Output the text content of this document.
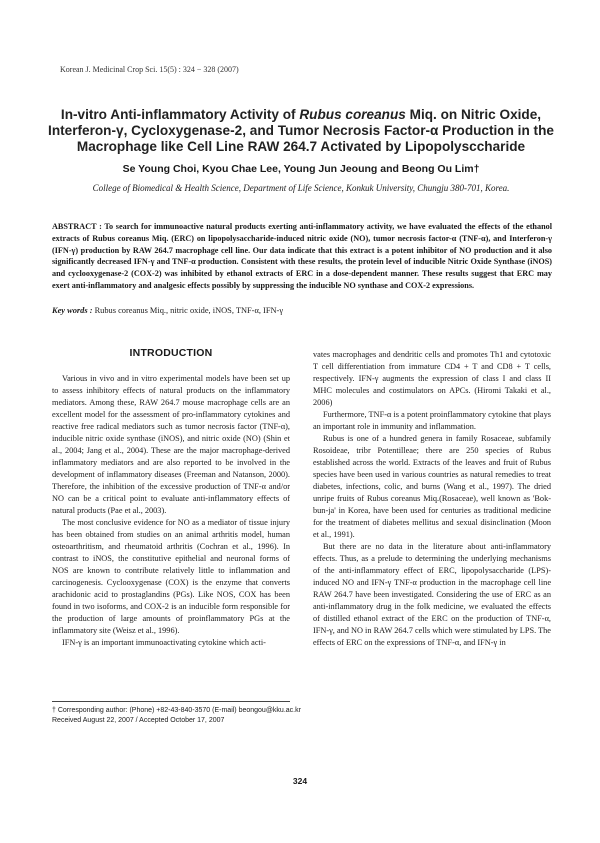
Korean J. Medicinal Crop Sci. 15(5) : 324 − 328 (2007)
In-vitro Anti-inflammatory Activity of Rubus coreanus Miq. on Nitric Oxide, Interferon-γ, Cycloxygenase-2, and Tumor Necrosis Factor-α Production in the Macrophage like Cell Line RAW 264.7 Activated by Lipopolysccharide
Se Young Choi, Kyou Chae Lee, Young Jun Jeoung and Beong Ou Lim†
College of Biomedical & Health Science, Department of Life Science, Konkuk University, Chungju 380-701, Korea.
ABSTRACT : To search for immunoactive natural products exerting anti-inflammatory activity, we have evaluated the effects of the ethanol extracts of Rubus coreanus Miq. (ERC) on lipopolysaccharide-induced nitric oxide (NO), tumor necrosis factor-α (TNF-α), and Interferon-γ (IFN-γ) production by RAW 264.7 macrophage cell line. Our data indicate that this extract is a potent inhibitor of NO production and it also significantly decreased IFN-γ and TNF-α production. Consistent with these results, the protein level of inducible Nitric Oxide Synthase (iNOS) and cyclooxygenase-2 (COX-2) was inhibited by ethanol extracts of ERC in a dose-dependent manner. These results suggest that ERC may exert anti-inflammatory and analgesic effects possibly by suppressing the inducible NO synthase and COX-2 expressions.
Key words : Rubus coreanus Miq., nitric oxide, iNOS, TNF-α, IFN-γ
INTRODUCTION

Various in vivo and in vitro experimental models have been set up to assess inhibitory effects of natural products on the inflammatory mediators. Among these, RAW 264.7 mouse macrophage cells are an excellent model for the assessment of pro-inflammatory cytokines and reactive free radical mediators such as tumor necrosis factor (TNF-α), inducible nitric oxide synthase (iNOS), and nitric oxide (NO) (Shin et al., 2004; Jang et al., 2004). These are the major macrophage-derived inflammatory mediators and are also reported to be involved in the development of inflammatory diseases (Freeman and Natanson, 2000). Therefore, the inhibition of the excessive production of TNF-α and/or NO can be a critical point to evaluate anti-inflammatory effects of natural products (Pae et al., 2003).

The most conclusive evidence for NO as a mediator of tissue injury has been obtained from studies on an animal arthritis model, human osteoarthritism, and rheumatoid arthritis (Cochran et al., 1996). In contrast to iNOS, the constitutive epithelial and neuronal forms of NOS are known to contribute relatively little to inflammation and carcinogenesis. Cyclooxygenase (COX) is the enzyme that converts arachidonic acid to prostaglandins (PGs). Like NOS, COX has been found in two isoforms, and COX-2 is an inducible form responsible for the production of large amounts of proinflammatory PGs at the inflammatory site (Weisz et al., 1996).

IFN-γ is an important immunoactivating cytokine which acti-

vates macrophages and dendritic cells and promotes Th1 and cytotoxic T cell differentiation from immature CD4 + T and CD8 + T cells, respectively. IFN-γ augments the expression of class I and class II MHC molecules and costimulators on APCs. (Hiromi Takaki et al., 2006)

Furthermore, TNF-α is a potent proinflammatory cytokine that plays an important role in immunity and inflammation.

Rubus is one of a hundred genera in family Rosaceae, subfamily Rosoideae, tribr Potentilleae; there are 250 species of Rubus established across the world. Extracts of the leaves and fruit of Rubus species have been used in various countries as natural remedies to treat diabetes, infections, colic, and burns (Wang et al., 1997). The dried unripe fruits of Rubus coreanus Miq.(Rosaceae), well known as 'Bok-bun-ja' in Korea, have been used for centuries as traditional medicine for the treatment of diabetes mellitus and sexual disinclination (Moon et al., 1991).

But there are no data in the literature about anti-inflammatory effects. Thus, as a prelude to determining the underlying mechanisms of the anti-inflammatory effect of ERC, lipopolysaccharide (LPS)-induced NO and IFN-γ TNF-α production in the macrophage cell line RAW 264.7 have been investigated. Considering the use of ERC as an anti-inflammatory drug in the folk medicine, we evaluated the effects of distilled ethanol extract of the ERC on the production of TNF-α, IFN-γ, and NO in RAW 264.7 cells which were stimulated by LPS. The effects of ERC on the expressions of TNF-α, and IFN-γ in

† Corresponding author: (Phone) +82-43-840-3570 (E-mail) beongou@kku.ac.kr
Received August 22, 2007 / Accepted October 17, 2007
324
